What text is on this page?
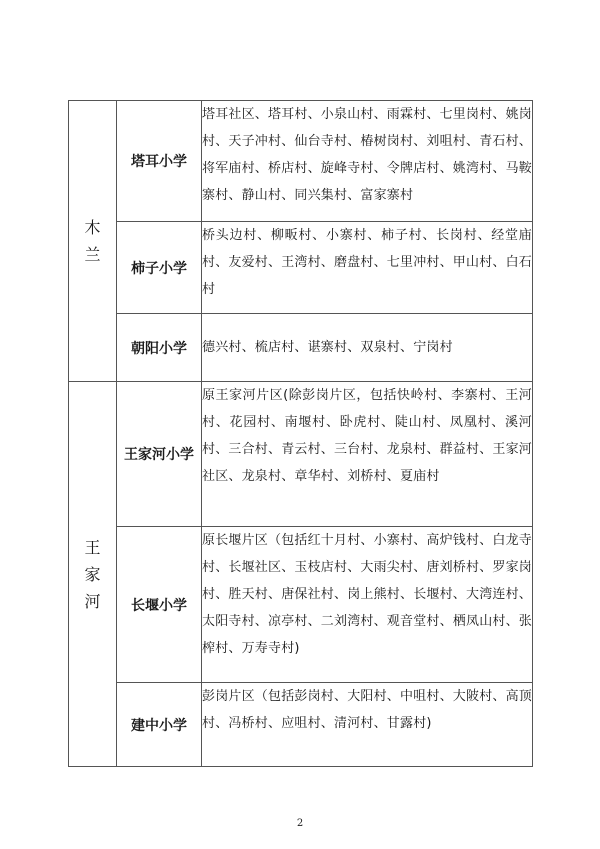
木兰	塔耳小学	塔耳社区、塔耳村、小泉山村、雨霖村、七里岗村、姚岗村、天子冲村、仙台寺村、椿树岗村、刘咀村、青石村、将军庙村、桥店村、旋峰寺村、令牌店村、姚湾村、马鞍寨村、静山村、同兴集村、富家寨村
	柿子小学	桥头边村、柳畈村、小寨村、柿子村、长岗村、经堂庙村、友爱村、王湾村、磨盘村、七里冲村、甲山村、白石村
	朝阳小学	德兴村、梳店村、谌寨村、双泉村、宁岗村

王家河	王家河小学	原王家河片区(除彭岗片区，包括快岭村、李寨村、王河村、花园村、南堰村、卧虎村、陡山村、凤凰村、溪河村、三合村、青云村、三台村、龙泉村、群益村、王家河社区、龙泉村、章华村、刘桥村、夏庙村
	长堰小学	原长堰片区（包括红十月村、小寨村、高炉钱村、白龙寺村、长堰社区、玉枝店村、大雨尖村、唐刘桥村、罗家岗村、胜天村、唐保社村、岗上熊村、长堰村、大湾连村、太阳寺村、凉亭村、二刘湾村、观音堂村、栖凤山村、张榨村、万寿寺村)
	建中小学	彭岗片区（包括彭岗村、大阳村、中咀村、大陂村、高顶村、冯桥村、应咀村、清河村、甘露村)
2
